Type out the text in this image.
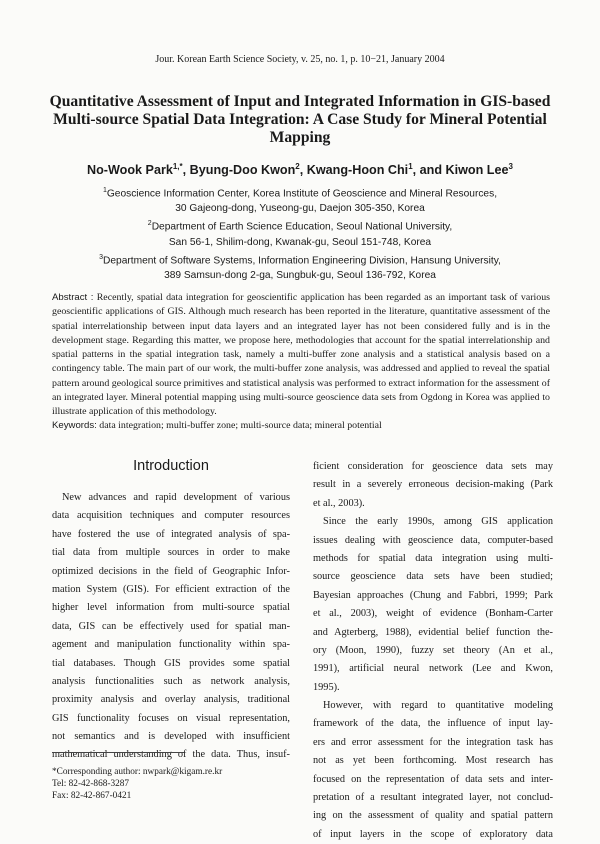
Jour. Korean Earth Science Society, v. 25, no. 1, p. 10−21, January 2004
Quantitative Assessment of Input and Integrated Information in GIS-based
Multi-source Spatial Data Integration: A Case Study for Mineral Potential
Mapping
No-Wook Park$^{1,*}$, Byung-Doo Kwon$^2$, Kwang-Hoon Chi$^1$, and Kiwon Lee$^3$
$^1$Geoscience Information Center, Korea Institute of Geoscience and Mineral Resources,
30 Gajeong-dong, Yuseong-gu, Daejon 305-350, Korea
$^2$Department of Earth Science Education, Seoul National University,
San 56-1, Shilim-dong, Kwanak-gu, Seoul 151-748, Korea
$^3$Department of Software Systems, Information Engineering Division, Hansung University,
389 Samsun-dong 2-ga, Sungbuk-gu, Seoul 136-792, Korea
Abstract : Recently, spatial data integration for geoscientific application has been regarded as an important task of various geoscientific applications of GIS. Although much research has been reported in the literature, quantitative assessment of the spatial interrelationship between input data layers and an integrated layer has not been considered fully and is in the development stage. Regarding this matter, we propose here, methodologies that account for the spatial interrelationship and spatial patterns in the spatial integration task, namely a multi-buffer zone analysis and a statistical analysis based on a contingency table. The main part of our work, the multi-buffer zone analysis, was addressed and applied to reveal the spatial pattern around geological source primitives and statistical analysis was performed to extract information for the assessment of an integrated layer. Mineral potential mapping using multi-source geoscience data sets from Ogdong in Korea was applied to illustrate application of this methodology.
Keywords: data integration; multi-buffer zone; multi-source data; mineral potential
Introduction
New advances and rapid development of various
data acquisition techniques and computer resources
have fostered the use of integrated analysis of spa-
tial data from multiple sources in order to make
optimized decisions in the field of Geographic Infor-
mation System (GIS). For efficient extraction of the
higher level information from multi-source spatial
data, GIS can be effectively used for spatial man-
agement and manipulation functionality within spa-
tial databases. Though GIS provides some spatial
analysis functionalities such as network analysis,
proximity analysis and overlay analysis, traditional
GIS functionality focuses on visual representation,
not semantics and is developed with insufficient
mathematical understanding of the data. Thus, insuf-
ficient consideration for geoscience data sets may
result in a severely erroneous decision-making (Park
et al., 2003).
Since the early 1990s, among GIS application
issues dealing with geoscience data, computer-based
methods for spatial data integration using multi-
source geoscience data sets have been studied;
Bayesian approaches (Chung and Fabbri, 1999; Park
et al., 2003), weight of evidence (Bonham-Carter
and Agterberg, 1988), evidential belief function the-
ory (Moon, 1990), fuzzy set theory (An et al.,
1991), artificial neural network (Lee and Kwon,
1995).
However, with regard to quantitative modeling
framework of the data, the influence of input lay-
ers and error assessment for the integration task has
not as yet been forthcoming. Most research has
focused on the representation of data sets and inter-
pretation of a resultant integrated layer, not conclud-
ing on the assessment of quality and spatial pattern
of input layers in the scope of exploratory data
*Corresponding author: nwpark@kigam.re.kr
Tel: 82-42-868-3287
Fax: 82-42-867-0421
